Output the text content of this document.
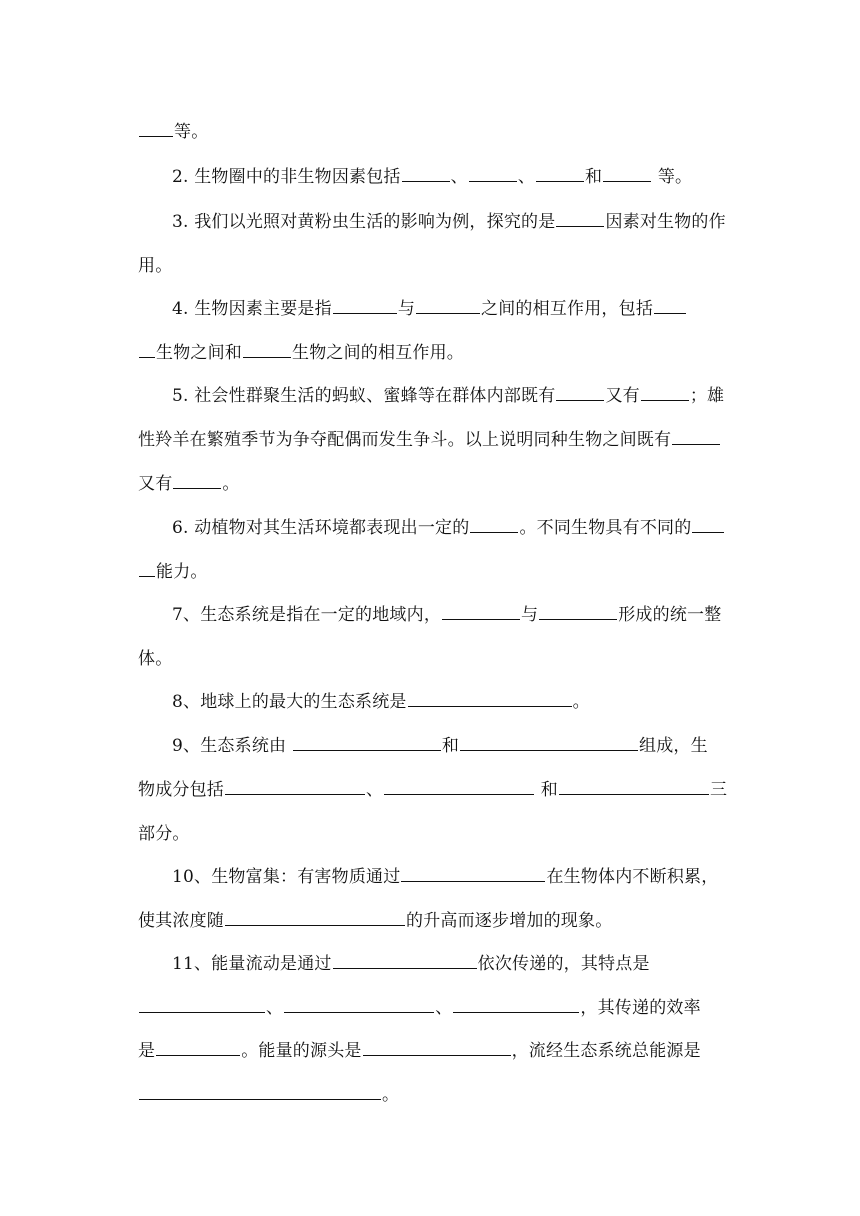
等。
2. 生物圈中的非生物因素包括	、	、	和	等。
3. 我们以光照对黄粉虫生活的影响为例，探究的是	因素对生物的作
用。
4. 生物因素主要是指	与	之间的相互作用，包括
生物之间和	生物之间的相互作用。
5. 社会性群聚生活的蚂蚁、蜜蜂等在群体内部既有	又有	；雄
性羚羊在繁殖季节为争夺配偶而发生争斗。以上说明同种生物之间既有
又有	。
6. 动植物对其生活环境都表现出一定的	。不同生物具有不同的
能力。
7、生态系统是指在一定的地域内，	与	形成的统一整
体。
8、地球上的最大的生态系统是	。
9、生态系统由	和	组成，生
物成分包括	、	和	三
部分。
10、生物富集：有害物质通过	在生物体内不断积累，
使其浓度随	的升高而逐步增加的现象。
11、能量流动是通过	依次传递的，其特点是
、	、	，其传递的效率
是	。能量的源头是	，流经生态系统总能源是
。
